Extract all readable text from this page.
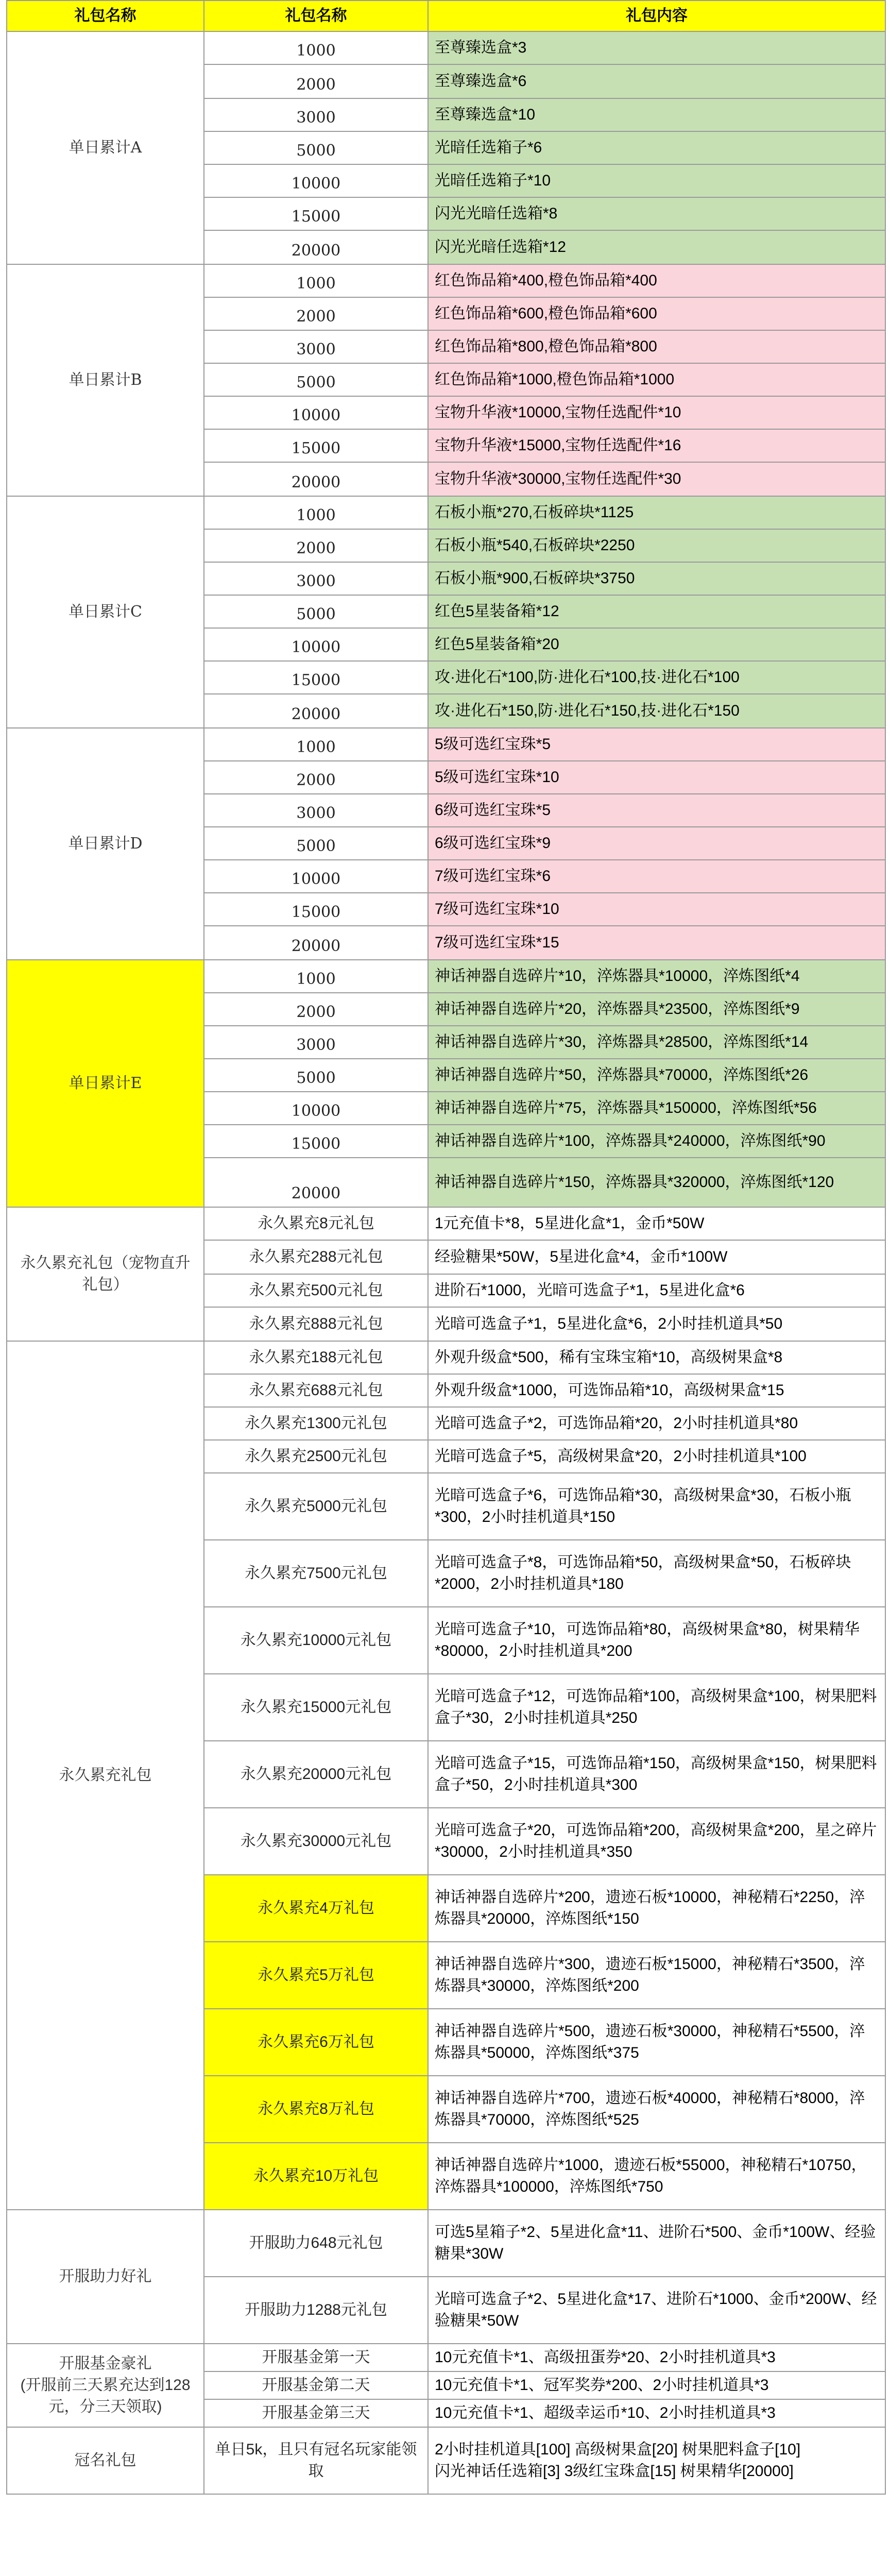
礼包名称	礼包名称	礼包内容
单日累计A	1000	至尊臻选盒*3
	2000	至尊臻选盒*6
	3000	至尊臻选盒*10
	5000	光暗任选箱子*6
	10000	光暗任选箱子*10
	15000	闪光光暗任选箱*8
	20000	闪光光暗任选箱*12
单日累计B	1000	红色饰品箱*400,橙色饰品箱*400
	2000	红色饰品箱*600,橙色饰品箱*600
	3000	红色饰品箱*800,橙色饰品箱*800
	5000	红色饰品箱*1000,橙色饰品箱*1000
	10000	宝物升华液*10000,宝物任选配件*10
	15000	宝物升华液*15000,宝物任选配件*16
	20000	宝物升华液*30000,宝物任选配件*30
单日累计C	1000	石板小瓶*270,石板碎块*1125
	2000	石板小瓶*540,石板碎块*2250
	3000	石板小瓶*900,石板碎块*3750
	5000	红色5星装备箱*12
	10000	红色5星装备箱*20
	15000	攻·进化石*100,防·进化石*100,技·进化石*100
	20000	攻·进化石*150,防·进化石*150,技·进化石*150
单日累计D	1000	5级可选红宝珠*5
	2000	5级可选红宝珠*10
	3000	6级可选红宝珠*5
	5000	6级可选红宝珠*9
	10000	7级可选红宝珠*6
	15000	7级可选红宝珠*10
	20000	7级可选红宝珠*15
单日累计E	1000	神话神器自选碎片*10，淬炼器具*10000，淬炼图纸*4
	2000	神话神器自选碎片*20，淬炼器具*23500，淬炼图纸*9
	3000	神话神器自选碎片*30，淬炼器具*28500，淬炼图纸*14
	5000	神话神器自选碎片*50，淬炼器具*70000，淬炼图纸*26
	10000	神话神器自选碎片*75，淬炼器具*150000，淬炼图纸*56
	15000	神话神器自选碎片*100，淬炼器具*240000，淬炼图纸*90
	20000	神话神器自选碎片*150，淬炼器具*320000，淬炼图纸*120
永久累充礼包（宠物直升礼包）	永久累充8元礼包	1元充值卡*8，5星进化盒*1，金币*50W
	永久累充288元礼包	经验糖果*50W，5星进化盒*4，金币*100W
	永久累充500元礼包	进阶石*1000，光暗可选盒子*1，5星进化盒*6
	永久累充888元礼包	光暗可选盒子*1，5星进化盒*6，2小时挂机道具*50
永久累充礼包	永久累充188元礼包	外观升级盒*500，稀有宝珠宝箱*10，高级树果盒*8
	永久累充688元礼包	外观升级盒*1000，可选饰品箱*10，高级树果盒*15
	永久累充1300元礼包	光暗可选盒子*2，可选饰品箱*20，2小时挂机道具*80
	永久累充2500元礼包	光暗可选盒子*5，高级树果盒*20，2小时挂机道具*100
	永久累充5000元礼包	光暗可选盒子*6，可选饰品箱*30，高级树果盒*30，石板小瓶*300，2小时挂机道具*150
	永久累充7500元礼包	光暗可选盒子*8，可选饰品箱*50，高级树果盒*50，石板碎块*2000，2小时挂机道具*180
	永久累充10000元礼包	光暗可选盒子*10，可选饰品箱*80，高级树果盒*80，树果精华*80000，2小时挂机道具*200
	永久累充15000元礼包	光暗可选盒子*12，可选饰品箱*100，高级树果盒*100，树果肥料盒子*30，2小时挂机道具*250
	永久累充20000元礼包	光暗可选盒子*15，可选饰品箱*150，高级树果盒*150，树果肥料盒子*50，2小时挂机道具*300
	永久累充30000元礼包	光暗可选盒子*20，可选饰品箱*200，高级树果盒*200，星之碎片*30000，2小时挂机道具*350
	永久累充4万礼包	神话神器自选碎片*200，遗迹石板*10000，神秘精石*2250，淬炼器具*20000，淬炼图纸*150
	永久累充5万礼包	神话神器自选碎片*300，遗迹石板*15000，神秘精石*3500，淬炼器具*30000，淬炼图纸*200
	永久累充6万礼包	神话神器自选碎片*500，遗迹石板*30000，神秘精石*5500，淬炼器具*50000，淬炼图纸*375
	永久累充8万礼包	神话神器自选碎片*700，遗迹石板*40000，神秘精石*8000，淬炼器具*70000，淬炼图纸*525
	永久累充10万礼包	神话神器自选碎片*1000，遗迹石板*55000，神秘精石*10750，淬炼器具*100000，淬炼图纸*750
开服助力好礼	开服助力648元礼包	可选5星箱子*2、5星进化盒*11、进阶石*500、金币*100W、经验糖果*30W
	开服助力1288元礼包	光暗可选盒子*2、5星进化盒*17、进阶石*1000、金币*200W、经验糖果*50W

开服基金豪礼
(开服前三天累充达到128元，分三天领取)	开服基金第一天	10元充值卡*1、高级扭蛋券*20、2小时挂机道具*3
	开服基金第二天	10元充值卡*1、冠军奖券*200、2小时挂机道具*3
	开服基金第三天	10元充值卡*1、超级幸运币*10、2小时挂机道具*3
冠名礼包	单日5k，且只有冠名玩家能领取	2小时挂机道具[100] 高级树果盒[20] 树果肥料盒子[10]
闪光神话任选箱[3] 3级红宝珠盒[15] 树果精华[20000]
